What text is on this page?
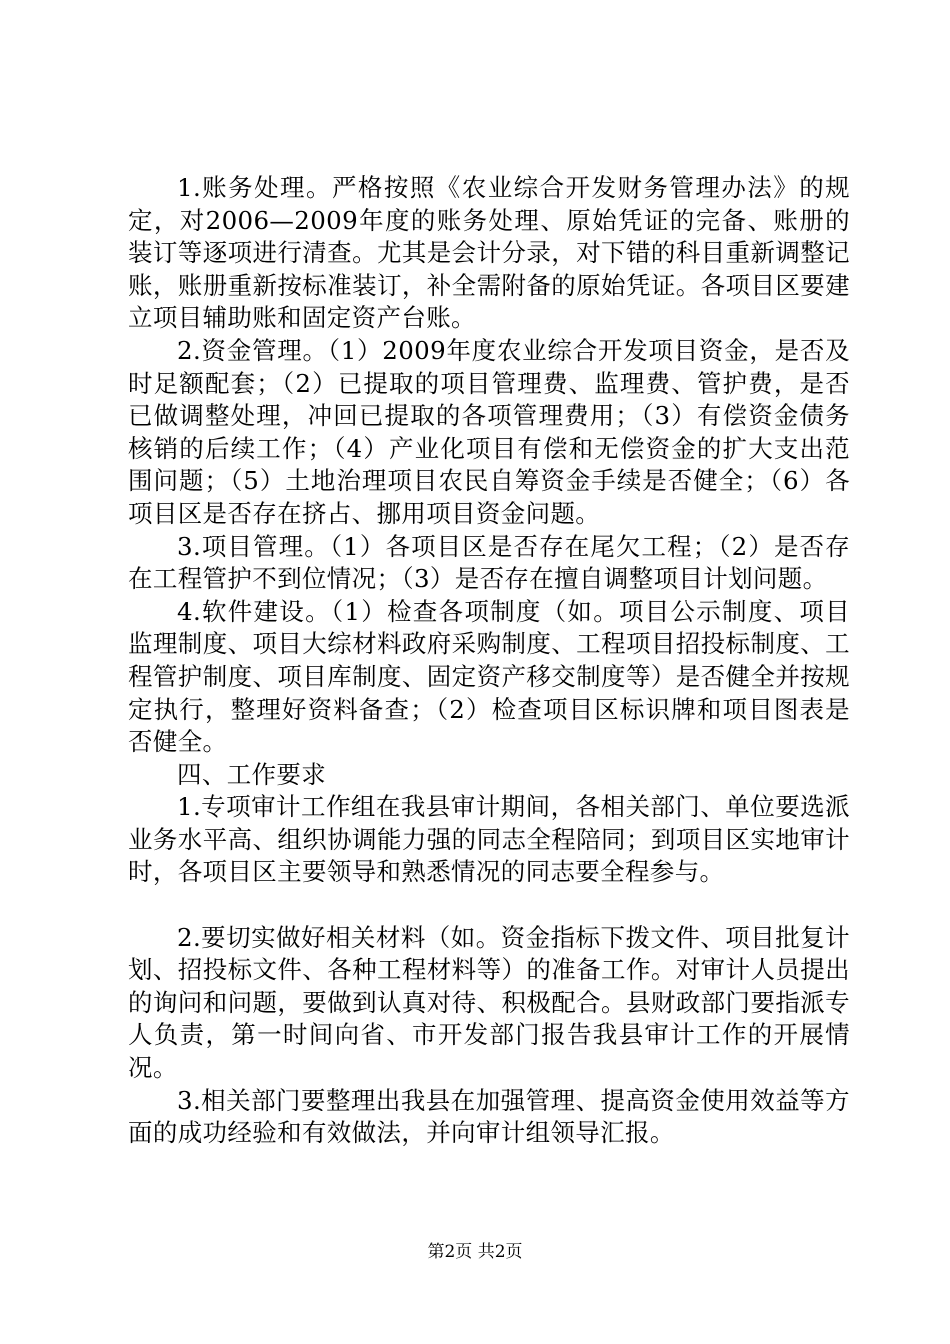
1.账务处理。严格按照《农业综合开发财务管理办法》的规定，对2006—2009年度的账务处理、原始凭证的完备、账册的装订等逐项进行清查。尤其是会计分录，对下错的科目重新调整记账，账册重新按标准装订，补全需附备的原始凭证。各项目区要建立项目辅助账和固定资产台账。

2.资金管理。（1）2009年度农业综合开发项目资金，是否及时足额配套；（2）已提取的项目管理费、监理费、管护费，是否已做调整处理，冲回已提取的各项管理费用；（3）有偿资金债务核销的后续工作；（4）产业化项目有偿和无偿资金的扩大支出范围问题；（5）土地治理项目农民自筹资金手续是否健全；（6）各项目区是否存在挤占、挪用项目资金问题。

3.项目管理。（1）各项目区是否存在尾欠工程；（2）是否存在工程管护不到位情况；（3）是否存在擅自调整项目计划问题。

4.软件建设。（1）检查各项制度（如。项目公示制度、项目监理制度、项目大综材料政府采购制度、工程项目招投标制度、工程管护制度、项目库制度、固定资产移交制度等）是否健全并按规定执行，整理好资料备查；（2）检查项目区标识牌和项目图表是否健全。

四、工作要求

1.专项审计工作组在我县审计期间，各相关部门、单位要选派业务水平高、组织协调能力强的同志全程陪同；到项目区实地审计时，各项目区主要领导和熟悉情况的同志要全程参与。

2.要切实做好相关材料（如。资金指标下拨文件、项目批复计划、招投标文件、各种工程材料等）的准备工作。对审计人员提出的询问和问题，要做到认真对待、积极配合。县财政部门要指派专人负责，第一时间向省、市开发部门报告我县审计工作的开展情况。

3.相关部门要整理出我县在加强管理、提高资金使用效益等方面的成功经验和有效做法，并向审计组领导汇报。

第2页 共2页
